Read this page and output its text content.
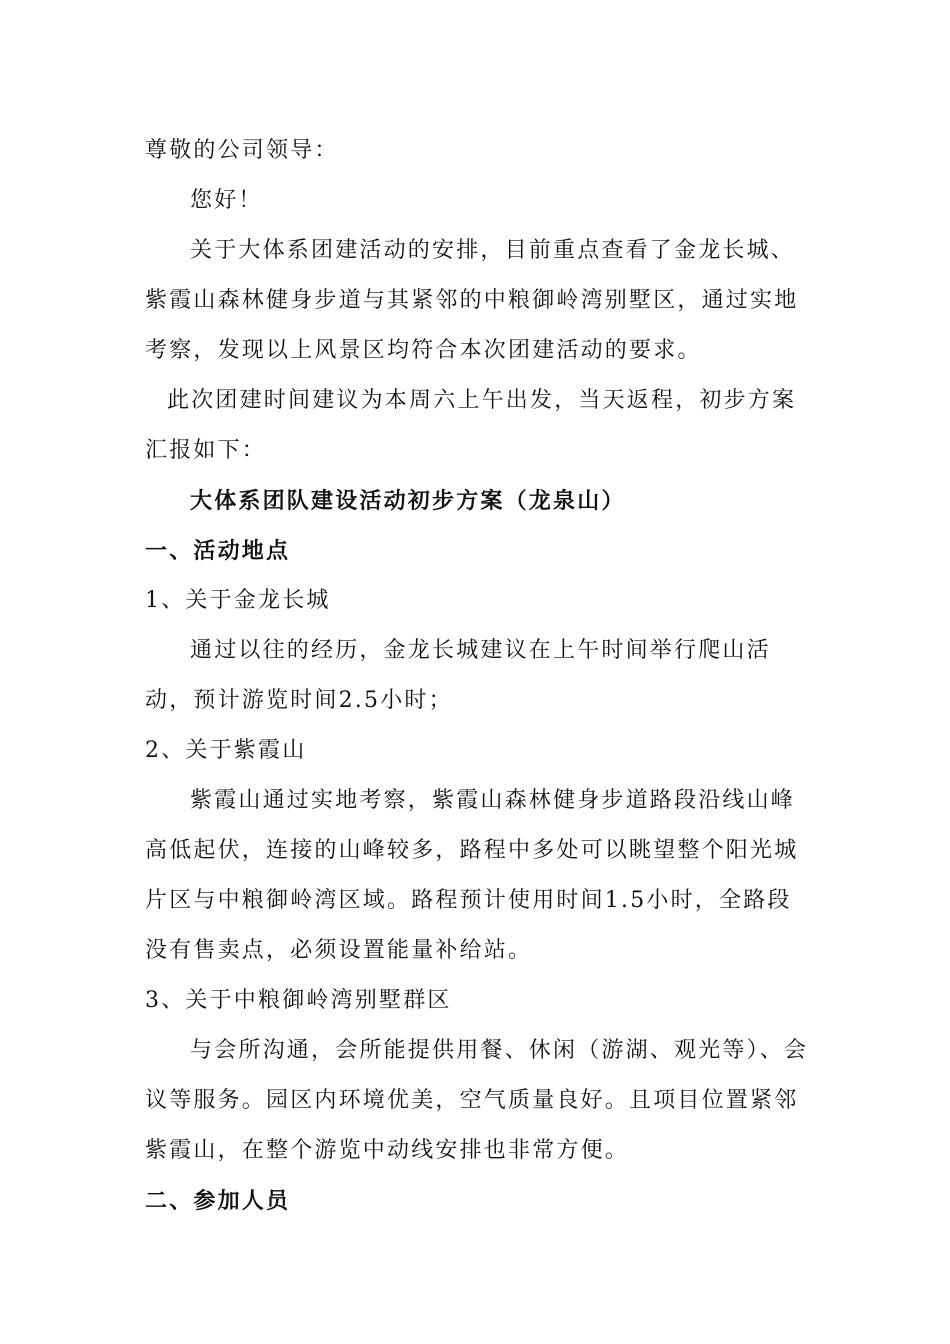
尊敬的公司领导：

您好！

关于大体系团建活动的安排，目前重点查看了金龙长城、紫霞山森林健身步道与其紧邻的中粮御岭湾别墅区，通过实地考察，发现以上风景区均符合本次团建活动的要求。

此次团建时间建议为本周六上午出发，当天返程，初步方案汇报如下：

大体系团队建设活动初步方案（龙泉山）

一、活动地点

1、关于金龙长城

通过以往的经历，金龙长城建议在上午时间举行爬山活动，预计游览时间2.5小时；

2、关于紫霞山

紫霞山通过实地考察，紫霞山森林健身步道路段沿线山峰高低起伏，连接的山峰较多，路程中多处可以眺望整个阳光城片区与中粮御岭湾区域。路程预计使用时间1.5小时，全路段没有售卖点，必须设置能量补给站。

3、关于中粮御岭湾别墅群区

与会所沟通，会所能提供用餐、休闲（游湖、观光等）、会议等服务。园区内环境优美，空气质量良好。且项目位置紧邻紫霞山，在整个游览中动线安排也非常方便。

二、参加人员
